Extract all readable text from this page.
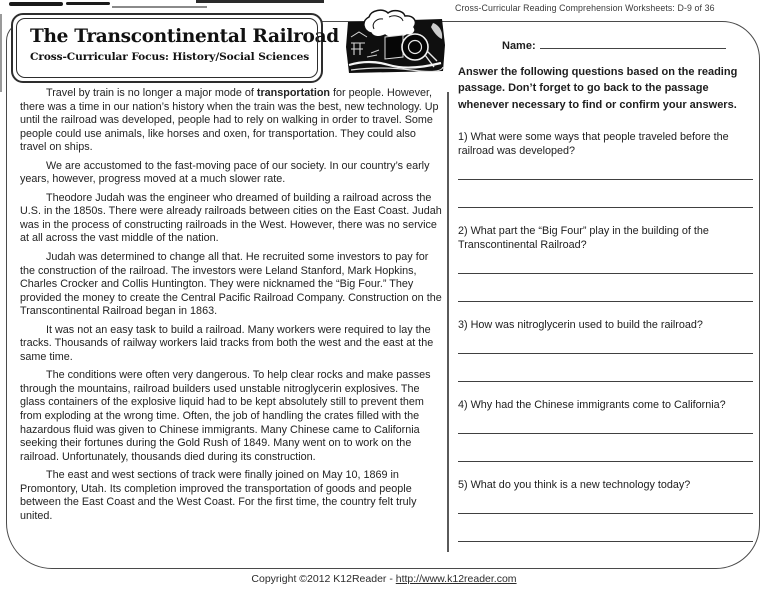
Cross-Curricular Reading Comprehension Worksheets: D-9 of 36
The Transcontinental Railroad
Cross-Curricular Focus: History/Social Sciences

Travel by train is no longer a major mode of transportation for people. However, there was a time in our nation’s history when the train was the best, new technology. Up until the railroad was developed, people had to rely on walking in order to travel. Some people could use animals, like horses and oxen, for transportation. They could also travel on ships.

We are accustomed to the fast-moving pace of our society. In our country’s early years, however, progress moved at a much slower rate.

Theodore Judah was the engineer who dreamed of building a railroad across the U.S. in the 1850s. There were already railroads between cities on the East Coast. Judah was in the process of constructing railroads in the West. However, there was no service at all across the vast middle of the nation.

Judah was determined to change all that. He recruited some investors to pay for the construction of the railroad. The investors were Leland Stanford, Mark Hopkins, Charles Crocker and Collis Huntington. They were nicknamed the “Big Four.” They provided the money to create the Central Pacific Railroad Company. Construction on the Transcontinental Railroad began in 1863.

It was not an easy task to build a railroad. Many workers were required to lay the tracks. Thousands of railway workers laid tracks from both the west and the east at the same time.

The conditions were often very dangerous. To help clear rocks and make passes through the mountains, railroad builders used unstable nitroglycerin explosives. The glass containers of the explosive liquid had to be kept absolutely still to prevent them from exploding at the wrong time. Often, the job of handling the crates filled with the hazardous fluid was given to Chinese immigrants. Many Chinese came to California seeking their fortunes during the Gold Rush of 1849. Many went on to work on the railroad. Unfortunately, thousands died during its construction.

The east and west sections of track were finally joined on May 10, 1869 in Promontory, Utah. Its completion improved the transportation of goods and people between the East Coast and the West Coast. For the first time, the country felt truly united.

Name:

Answer the following questions based on the reading passage. Don’t forget to go back to the passage whenever necessary to find or confirm your answers.

1) What were some ways that people traveled before the railroad was developed?

2) What part the “Big Four” play in the building of the Transcontinental Railroad?

3) How was nitroglycerin used to build the railroad?

4) Why had the Chinese immigrants come to California?

5) What do you think is a new technology today?

Copyright ©2012 K12Reader - http://www.k12reader.com
